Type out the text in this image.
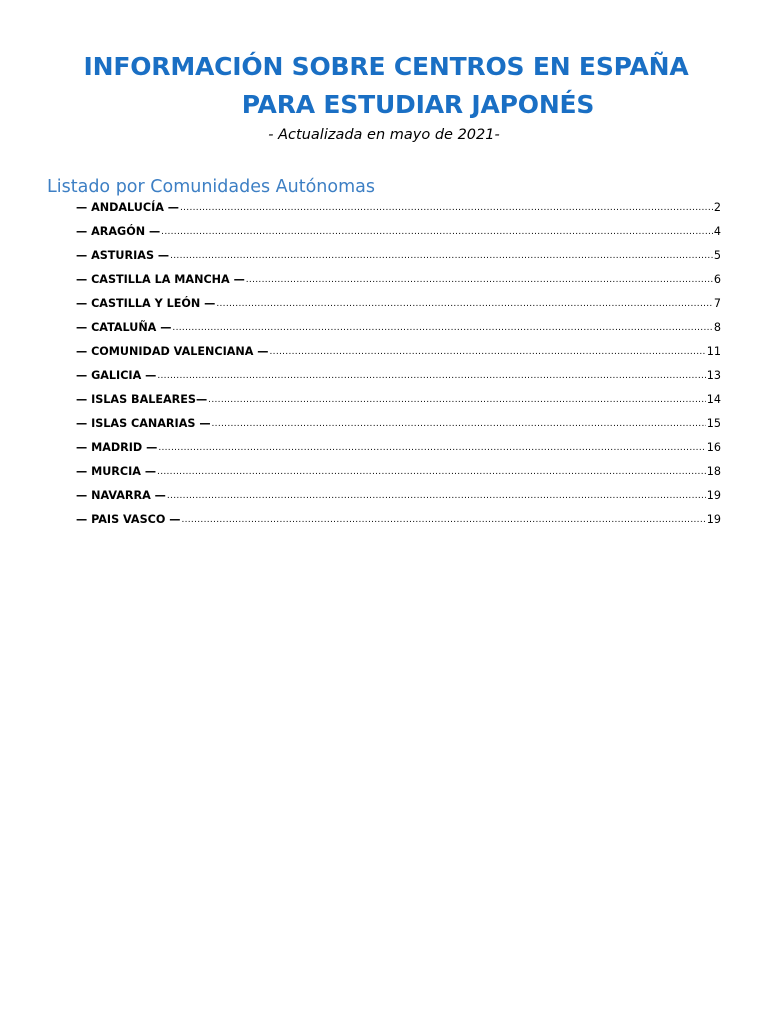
INFORMACIÓN SOBRE CENTROS EN ESPAÑA
PARA ESTUDIAR JAPONÉS
- Actualizada en mayo de 2021-
Listado por Comunidades Autónomas
— ANDALUCÍA — .....	2
— ARAGÓN — .....	4
— ASTURIAS — .....	5
— CASTILLA LA MANCHA — .....	6
— CASTILLA Y LEÓN — .....	7
— CATALUÑA — .....	8
— COMUNIDAD VALENCIANA — .....	11
— GALICIA — .....	13
— ISLAS BALEARES— .....	14
— ISLAS CANARIAS — .....	15
— MADRID — .....	16
— MURCIA — .....	18
— NAVARRA — .....	19
— PAIS VASCO — .....	19
